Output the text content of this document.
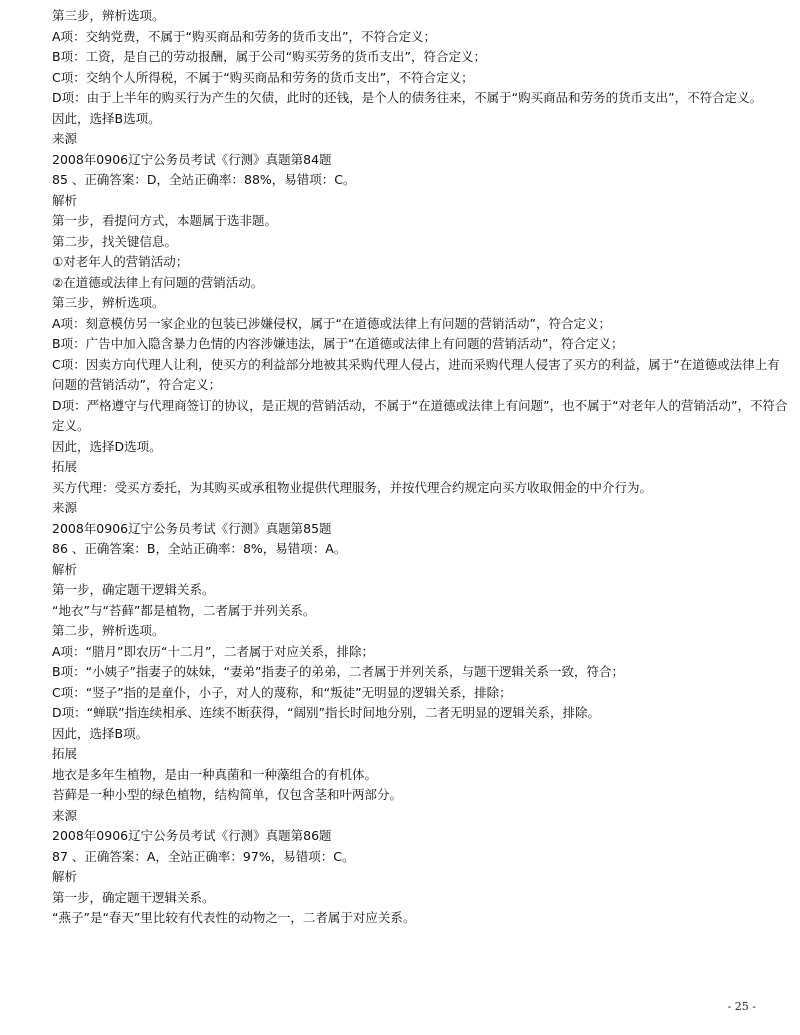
第三步，辨析选项。
A项：交纳党费，不属于“购买商品和劳务的货币支出”，不符合定义；
B项：工资，是自己的劳动报酬，属于公司“购买劳务的货币支出”，符合定义；
C项：交纳个人所得税，不属于“购买商品和劳务的货币支出”，不符合定义；
D项：由于上半年的购买行为产生的欠债，此时的还钱，是个人的债务往来，不属于“购买商品和劳务的货币支出”，不符合定义。
因此，选择B选项。
来源
2008年0906辽宁公务员考试《行测》真题第84题
85 、正确答案：D，全站正确率：88%，易错项：C。
解析
第一步，看提问方式，本题属于选非题。
第二步，找关键信息。
①对老年人的营销活动；
②在道德或法律上有问题的营销活动。
第三步，辨析选项。
A项：刻意模仿另一家企业的包装已涉嫌侵权，属于“在道德或法律上有问题的营销活动”，符合定义；
B项：广告中加入隐含暴力色情的内容涉嫌违法，属于“在道德或法律上有问题的营销活动”，符合定义；
C项：因卖方向代理人让利，使买方的利益部分地被其采购代理人侵占，进而采购代理人侵害了买方的利益，属于“在道德或法律上有问题的营销活动”，符合定义；
D项：严格遵守与代理商签订的协议，是正规的营销活动，不属于“在道德或法律上有问题”，也不属于“对老年人的营销活动”，不符合定义。
因此，选择D选项。
拓展
买方代理：受买方委托，为其购买或承租物业提供代理服务，并按代理合约规定向买方收取佣金的中介行为。
来源
2008年0906辽宁公务员考试《行测》真题第85题
86 、正确答案：B，全站正确率：8%，易错项：A。
解析
第一步，确定题干逻辑关系。
“地衣”与“苔藓”都是植物，二者属于并列关系。
第二步，辨析选项。
A项：“腊月”即农历“十二月”，二者属于对应关系，排除；
B项：“小姨子”指妻子的妹妹，“妻弟”指妻子的弟弟，二者属于并列关系，与题干逻辑关系一致，符合；
C项：“竖子”指的是童仆，小子，对人的蔑称，和“叛徒”无明显的逻辑关系，排除；
D项：“蝉联”指连续相承、连续不断获得，“阔别”指长时间地分别，二者无明显的逻辑关系，排除。
因此，选择B项。
拓展
地衣是多年生植物，是由一种真菌和一种藻组合的有机体。
苔藓是一种小型的绿色植物，结构简单，仅包含茎和叶两部分。
来源
2008年0906辽宁公务员考试《行测》真题第86题
87 、正确答案：A，全站正确率：97%，易错项：C。
解析
第一步，确定题干逻辑关系。
“燕子”是“春天”里比较有代表性的动物之一，二者属于对应关系。
- 25 -
